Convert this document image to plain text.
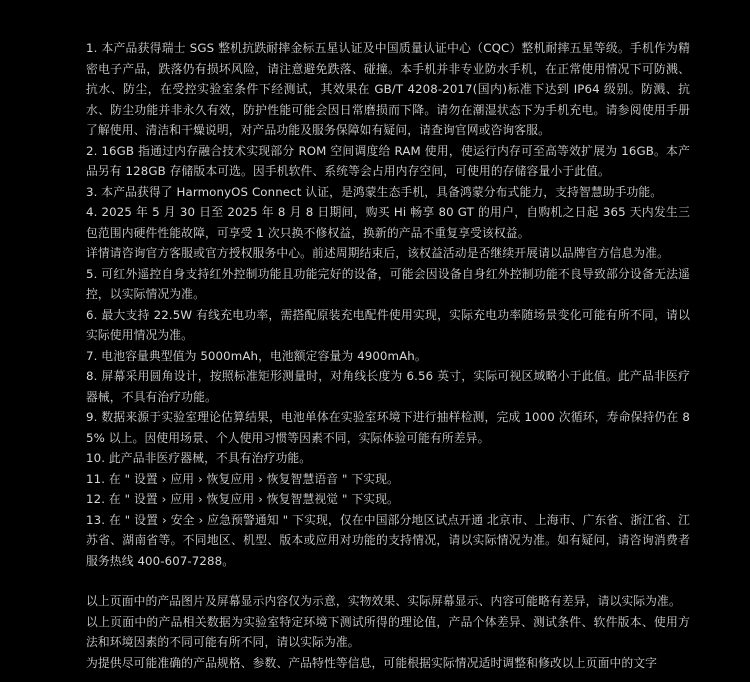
1. 本产品获得瑞士 SGS 整机抗跌耐摔金标五星认证及中国质量认证中心（CQC）整机耐摔五星等级。手机作为精密电子产品，跌落仍有损坏风险，请注意避免跌落、碰撞。本手机并非专业防水手机，在正常使用情况下可防溅、抗水、防尘，在受控实验室条件下经测试，其效果在 GB/T 4208-2017(国内)标准下达到 IP64 级别。防溅、抗水、防尘功能并非永久有效，防护性能可能会因日常磨损而下降。请勿在潮湿状态下为手机充电。请参阅使用手册了解使用、清洁和干燥说明，对产品功能及服务保障如有疑问，请查询官网或咨询客服。

2. 16GB 指通过内存融合技术实现部分 ROM 空间调度给 RAM 使用，使运行内存可至高等效扩展为 16GB。本产品另有 128GB 存储版本可选。因手机软件、系统等会占用内存空间，可使用的存储容量小于此值。

3. 本产品获得了 HarmonyOS Connect 认证，是鸿蒙生态手机，具备鸿蒙分布式能力，支持智慧助手功能。

4. 2025 年 5 月 30 日至 2025 年 8 月 8 日期间，购买 Hi 畅享 80 GT 的用户，自购机之日起 365 天内发生三包范围内硬件性能故障，可享受 1 次只换不修权益，换新的产品不重复享受该权益。

详情请咨询官方客服或官方授权服务中心。前述周期结束后，该权益活动是否继续开展请以品牌官方信息为准。

5. 可红外遥控自身支持红外控制功能且功能完好的设备，可能会因设备自身红外控制功能不良导致部分设备无法遥控，以实际情况为准。

6. 最大支持 22.5W 有线充电功率，需搭配原装充电配件使用实现，实际充电功率随场景变化可能有所不同，请以实际使用情况为准。

7. 电池容量典型值为 5000mAh，电池额定容量为 4900mAh。

8. 屏幕采用圆角设计，按照标准矩形测量时，对角线长度为 6.56 英寸，实际可视区域略小于此值。此产品非医疗器械，不具有治疗功能。

9. 数据来源于实验室理论估算结果，电池单体在实验室环境下进行抽样检测，完成 1000 次循环，寿命保持仍在 85% 以上。因使用场景、个人使用习惯等因素不同，实际体验可能有所差异。

10. 此产品非医疗器械，不具有治疗功能。

11. 在 " 设置 › 应用 › 恢复应用 › 恢复智慧语音 " 下实现。

12. 在 " 设置 › 应用 › 恢复应用 › 恢复智慧视觉 " 下实现。

13. 在 " 设置 › 安全 › 应急预警通知 " 下实现，仅在中国部分地区试点开通 北京市、上海市、广东省、浙江省、江苏省、湖南省等。不同地区、机型、版本或应用对功能的支持情况，请以实际情况为准。如有疑问，请咨询消费者服务热线 400-607-7288。

以上页面中的产品图片及屏幕显示内容仅为示意，实物效果、实际屏幕显示、内容可能略有差异，请以实际为准。

以上页面中的产品相关数据为实验室特定环境下测试所得的理论值，产品个体差异、测试条件、软件版本、使用方法和环境因素的不同可能有所不同，请以实际为准。

为提供尽可能准确的产品规格、参数、产品特性等信息，可能根据实际情况适时调整和修改以上页面中的文字
